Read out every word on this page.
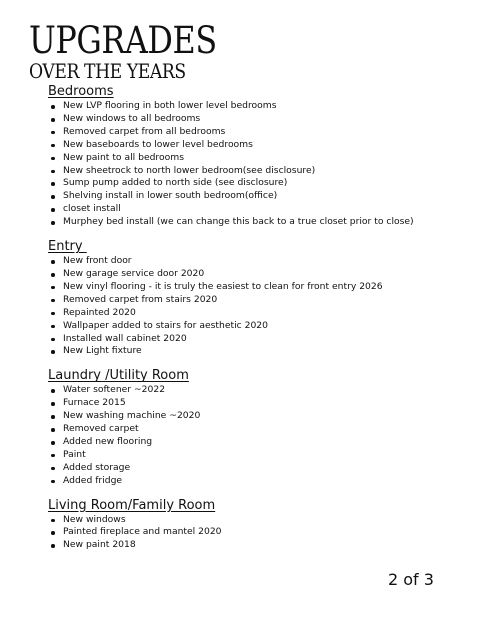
UPGRADES
OVER THE YEARS
Bedrooms
New LVP flooring in both lower level bedrooms
New windows to all bedrooms
Removed carpet from all bedrooms
New baseboards to lower level bedrooms
New paint to all bedrooms
New sheetrock to north lower bedroom(see disclosure)
Sump pump added to north side (see disclosure)
Shelving install in lower south bedroom(office)
closet install
Murphey bed install (we can change this back to a true closet prior to close)
Entry
New front door
New garage service door 2020
New vinyl flooring - it is truly the easiest to clean for front entry 2026
Removed carpet from stairs 2020
Repainted 2020
Wallpaper added to stairs for aesthetic 2020
Installed wall cabinet 2020
New Light fixture
Laundry /Utility Room
Water softener ~2022
Furnace 2015
New washing machine ~2020
Removed carpet
Added new flooring
Paint
Added storage
Added fridge
Living Room/Family Room
New windows
Painted fireplace and mantel 2020
New paint 2018
2 of 3
